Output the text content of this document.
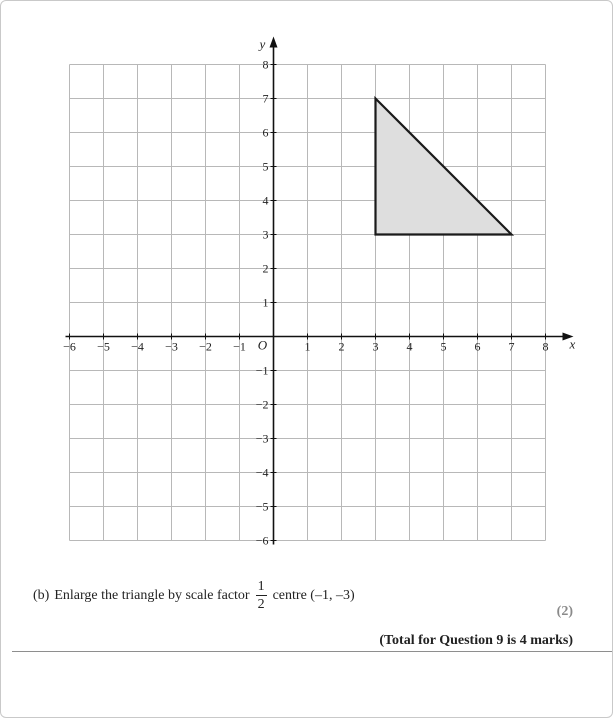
−6 −5 −4 −3 −2 −1	1 2 3 4 5 6 7 8
8
7
6
5
4
3
2
1
−1
−2
−3
−4
−5
−6
O	x
y
(b) Enlarge the triangle by scale factor $\frac{1}{2}$ centre (–1, –3)
(2)
(Total for Question 9 is 4 marks)
